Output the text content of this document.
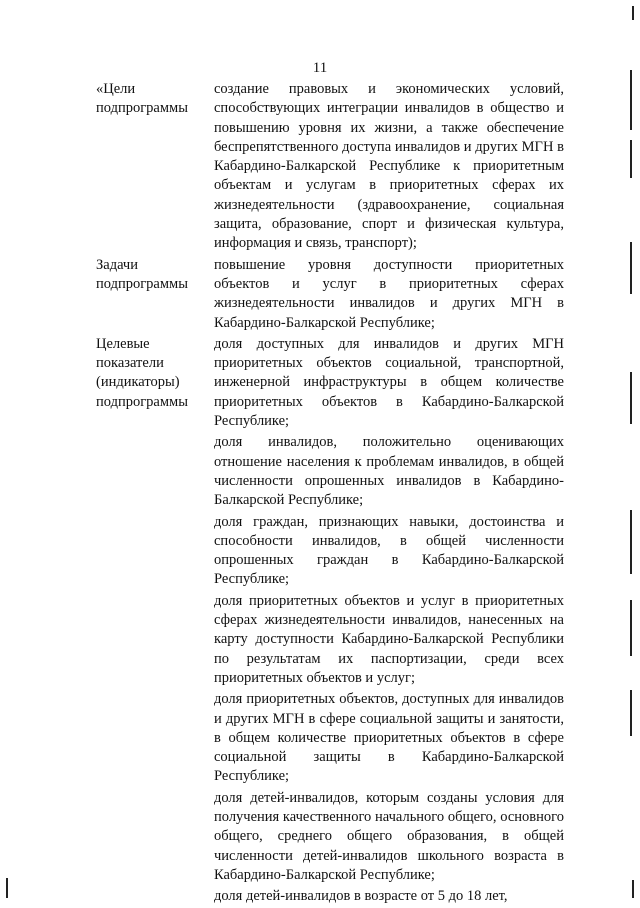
11
«Цели
подпрограммы

создание правовых и экономических условий, способствующих интеграции инвалидов в общество и повышению уровня их жизни, а также обеспечение беспрепятственного доступа инвалидов и других МГН в Кабардино-Балкарской Республике к приоритетным объектам и услугам в приоритетных сферах их жизнедеятельности (здравоохранение, социальная защита, образование, спорт и физическая культура, информация и связь, транспорт);

Задачи
подпрограммы

повышение уровня доступности приоритетных объектов и услуг в приоритетных сферах жизнедеятельности инвалидов и других МГН в Кабардино-Балкарской Республике;

Целевые
показатели
(индикаторы)
подпрограммы

доля доступных для инвалидов и других МГН приоритетных объектов социальной, транспортной, инженерной инфраструктуры в общем количестве приоритетных объектов в Кабардино-Балкарской Республике;

доля инвалидов, положительно оценивающих отношение населения к проблемам инвалидов, в общей численности опрошенных инвалидов в Кабардино-Балкарской Республике;

доля граждан, признающих навыки, достоинства и способности инвалидов, в общей численности опрошенных граждан в Кабардино-Балкарской Республике;

доля приоритетных объектов и услуг в приоритетных сферах жизнедеятельности инвалидов, нанесенных на карту доступности Кабардино-Балкарской Республики по результатам их паспортизации, среди всех приоритетных объектов и услуг;

доля приоритетных объектов, доступных для инвалидов и других МГН в сфере социальной защиты и занятости, в общем количестве приоритетных объектов в сфере социальной защиты в Кабардино-Балкарской Республике;

доля детей-инвалидов, которым созданы условия для получения качественного начального общего, основного общего, среднего общего образования, в общей численности детей-инвалидов школьного возраста в Кабардино-Балкарской Республике;

доля детей-инвалидов в возрасте от 5 до 18 лет,
